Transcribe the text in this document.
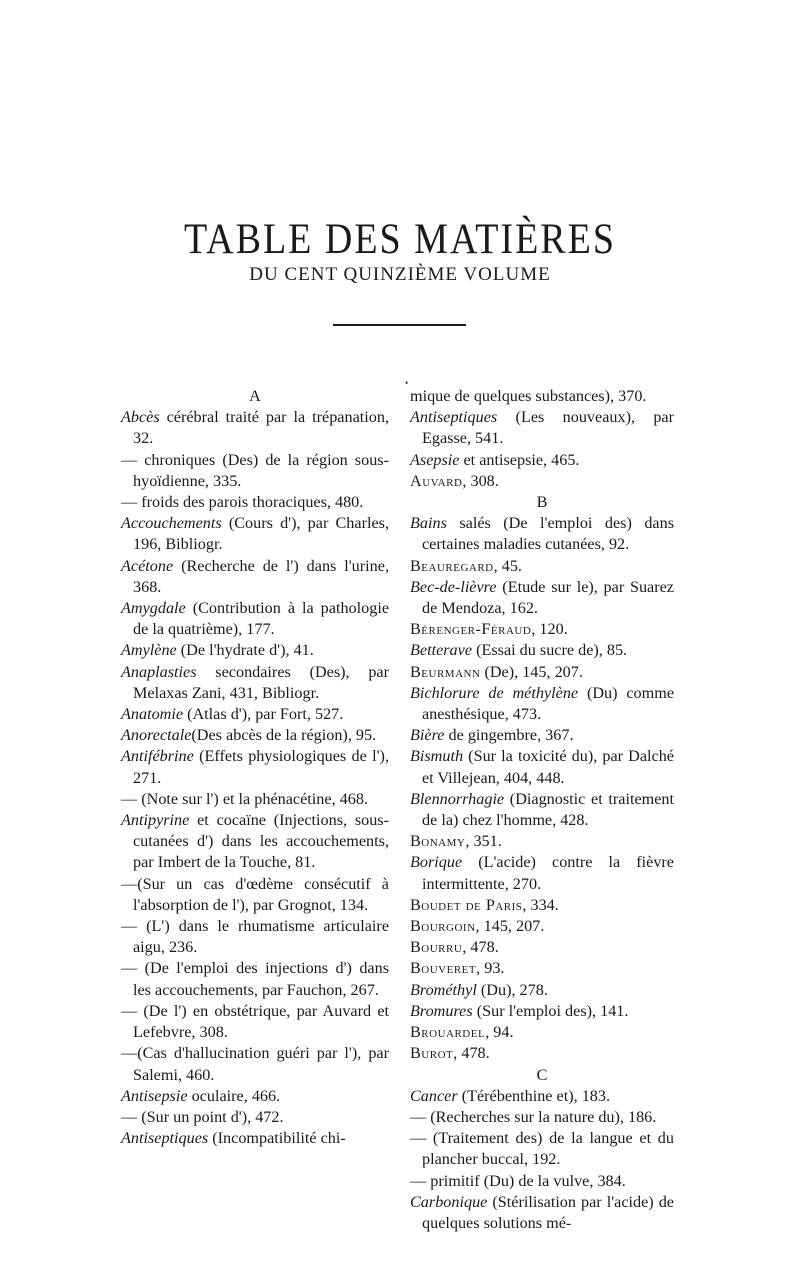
TABLE DES MATIÈRES
DU CENT QUINZIÈME VOLUME
•

A

Abcès cérébral traité par la trépanation, 32.

— chroniques (Des) de la région sous-hyoïdienne, 335.

— froids des parois thoraciques, 480.

Accouchements (Cours d'), par Charles, 196, Bibliogr.

Acétone (Recherche de l') dans l'urine, 368.

Amygdale (Contribution à la pathologie de la quatrième), 177.

Amylène (De l'hydrate d'), 41.

Anaplasties secondaires (Des), par Melaxas Zani, 431, Bibliogr.

Anatomie (Atlas d'), par Fort, 527.

Anorectale(Des abcès de la région), 95.

Antifébrine (Effets physiologiques de l'), 271.

— (Note sur l') et la phénacétine, 468.

Antipyrine et cocaïne (Injections, sous-cutanées d') dans les accouchements, par Imbert de la Touche, 81.

—(Sur un cas d'œdème consécutif à l'absorption de l'), par Grognot, 134.

— (L') dans le rhumatisme articulaire aigu, 236.

— (De l'emploi des injections d') dans les accouchements, par Fauchon, 267.

— (De l') en obstétrique, par Auvard et Lefebvre, 308.

—(Cas d'hallucination guéri par l'), par Salemi, 460.

Antisepsie oculaire, 466.

— (Sur un point d'), 472.

Antiseptiques (Incompatibilité chi-

mique de quelques substances), 370.

Antiseptiques (Les nouveaux), par Egasse, 541.

Asepsie et antisepsie, 465.

Auvard, 308.

B

Bains salés (De l'emploi des) dans certaines maladies cutanées, 92.

Beauregard, 45.

Bec-de-lièvre (Etude sur le), par Suarez de Mendoza, 162.

Bérenger-Féraud, 120.

Betterave (Essai du sucre de), 85.

Beurmann (De), 145, 207.

Bichlorure de méthylène (Du) comme anesthésique, 473.

Bière de gingembre, 367.

Bismuth (Sur la toxicité du), par Dalché et Villejean, 404, 448.

Blennorrhagie (Diagnostic et traitement de la) chez l'homme, 428.

Bonamy, 351.

Borique (L'acide) contre la fièvre intermittente, 270.

Boudet de Paris, 334.

Bourgoin, 145, 207.

Bourru, 478.

Bouveret, 93.

Brométhyl (Du), 278.

Bromures (Sur l'emploi des), 141.

Brouardel, 94.

Burot, 478.

C

Cancer (Térébenthine et), 183.

— (Recherches sur la nature du), 186.

— (Traitement des) de la langue et du plancher buccal, 192.

— primitif (Du) de la vulve, 384.

Carbonique (Stérilisation par l'acide) de quelques solutions mé-
